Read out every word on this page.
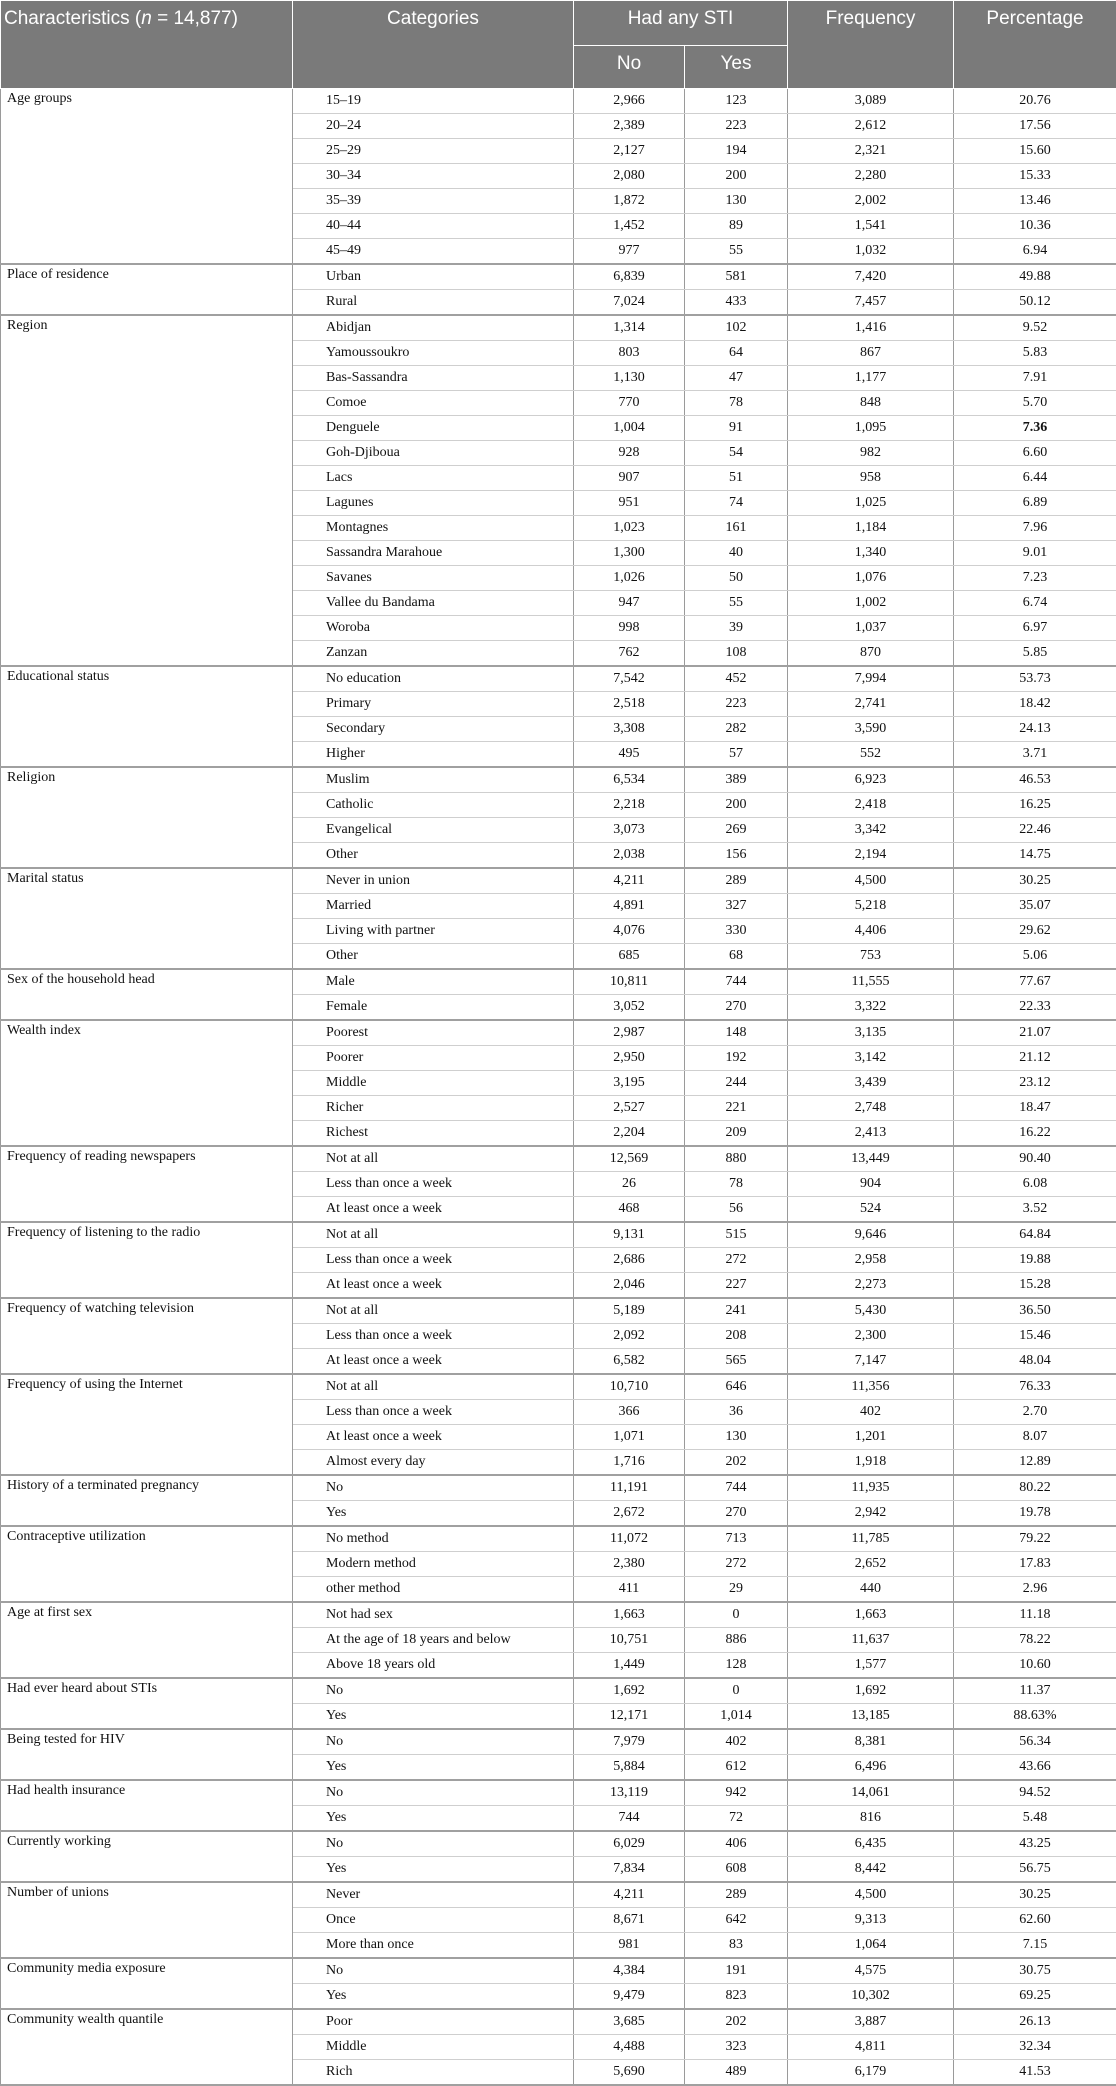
Characteristics (n = 14,877)	Categories	Had any STI		Frequency	Percentage
		No	Yes		
Age groups	15–19	2,966	123	3,089	20.76
	20–24	2,389	223	2,612	17.56
	25–29	2,127	194	2,321	15.60
	30–34	2,080	200	2,280	15.33
	35–39	1,872	130	2,002	13.46
	40–44	1,452	89	1,541	10.36
	45–49	977	55	1,032	6.94
Place of residence	Urban	6,839	581	7,420	49.88
	Rural	7,024	433	7,457	50.12
Region	Abidjan	1,314	102	1,416	9.52
	Yamoussoukro	803	64	867	5.83
	Bas-Sassandra	1,130	47	1,177	7.91
	Comoe	770	78	848	5.70
	Denguele	1,004	91	1,095	7.36
	Goh-Djiboua	928	54	982	6.60
	Lacs	907	51	958	6.44
	Lagunes	951	74	1,025	6.89
	Montagnes	1,023	161	1,184	7.96
	Sassandra Marahoue	1,300	40	1,340	9.01
	Savanes	1,026	50	1,076	7.23
	Vallee du Bandama	947	55	1,002	6.74
	Woroba	998	39	1,037	6.97
	Zanzan	762	108	870	5.85
Educational status	No education	7,542	452	7,994	53.73
	Primary	2,518	223	2,741	18.42
	Secondary	3,308	282	3,590	24.13
	Higher	495	57	552	3.71
Religion	Muslim	6,534	389	6,923	46.53
	Catholic	2,218	200	2,418	16.25
	Evangelical	3,073	269	3,342	22.46
	Other	2,038	156	2,194	14.75
Marital status	Never in union	4,211	289	4,500	30.25
	Married	4,891	327	5,218	35.07
	Living with partner	4,076	330	4,406	29.62
	Other	685	68	753	5.06
Sex of the household head	Male	10,811	744	11,555	77.67
	Female	3,052	270	3,322	22.33
Wealth index	Poorest	2,987	148	3,135	21.07
	Poorer	2,950	192	3,142	21.12
	Middle	3,195	244	3,439	23.12
	Richer	2,527	221	2,748	18.47
	Richest	2,204	209	2,413	16.22
Frequency of reading newspapers	Not at all	12,569	880	13,449	90.40
	Less than once a week	26	78	904	6.08
	At least once a week	468	56	524	3.52
Frequency of listening to the radio	Not at all	9,131	515	9,646	64.84
	Less than once a week	2,686	272	2,958	19.88
	At least once a week	2,046	227	2,273	15.28
Frequency of watching television	Not at all	5,189	241	5,430	36.50
	Less than once a week	2,092	208	2,300	15.46
	At least once a week	6,582	565	7,147	48.04
Frequency of using the Internet	Not at all	10,710	646	11,356	76.33
	Less than once a week	366	36	402	2.70
	At least once a week	1,071	130	1,201	8.07
	Almost every day	1,716	202	1,918	12.89
History of a terminated pregnancy	No	11,191	744	11,935	80.22
	Yes	2,672	270	2,942	19.78
Contraceptive utilization	No method	11,072	713	11,785	79.22
	Modern method	2,380	272	2,652	17.83
	other method	411	29	440	2.96
Age at first sex	Not had sex	1,663	0	1,663	11.18
	At the age of 18 years and below	10,751	886	11,637	78.22
	Above 18 years old	1,449	128	1,577	10.60
Had ever heard about STIs	No	1,692	0	1,692	11.37
	Yes	12,171	1,014	13,185	88.63%
Being tested for HIV	No	7,979	402	8,381	56.34
	Yes	5,884	612	6,496	43.66
Had health insurance	No	13,119	942	14,061	94.52
	Yes	744	72	816	5.48
Currently working	No	6,029	406	6,435	43.25
	Yes	7,834	608	8,442	56.75
Number of unions	Never	4,211	289	4,500	30.25
	Once	8,671	642	9,313	62.60
	More than once	981	83	1,064	7.15
Community media exposure	No	4,384	191	4,575	30.75
	Yes	9,479	823	10,302	69.25
Community wealth quantile	Poor	3,685	202	3,887	26.13
	Middle	4,488	323	4,811	32.34
	Rich	5,690	489	6,179	41.53
